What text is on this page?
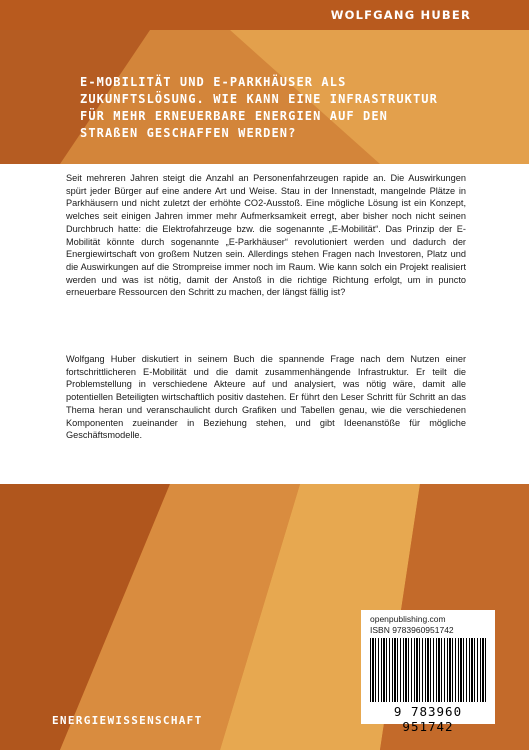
WOLFGANG HUBER
E-MOBILITÄT UND E-PARKHÄUSER ALS
ZUKUNFTSLÖSUNG. WIE KANN EINE INFRASTRUKTUR
FÜR MEHR ERNEUERBARE ENERGIEN AUF DEN
STRAßEN GESCHAFFEN WERDEN?

Seit mehreren Jahren steigt die Anzahl an Personenfahrzeugen rapide an. Die Auswirkungen spürt jeder Bürger auf eine andere Art und Weise. Stau in der Innenstadt, mangelnde Plätze in Parkhäusern und nicht zuletzt der erhöhte CO2-Ausstoß. Eine mögliche Lösung ist ein Konzept, welches seit einigen Jahren immer mehr Aufmerksamkeit erregt, aber bisher noch nicht seinen Durchbruch hatte: die Elektrofahrzeuge bzw. die sogenannte „E-Mobilität“. Das Prinzip der E-Mobilität könnte durch sogenannte „E-Parkhäuser“ revolutioniert werden und dadurch der Energiewirtschaft von großem Nutzen sein. Allerdings stehen Fragen nach Investoren, Platz und die Auswirkungen auf die Strompreise immer noch im Raum. Wie kann solch ein Projekt realisiert werden und was ist nötig, damit der Anstoß in die richtige Richtung erfolgt, um in puncto erneuerbare Ressourcen den Schritt zu machen, der längst fällig ist?

Wolfgang Huber diskutiert in seinem Buch die spannende Frage nach dem Nutzen einer fortschrittlicheren E-Mobilität und die damit zusammenhängende Infrastruktur. Er teilt die Problemstellung in verschiedene Akteure auf und analysiert, was nötig wäre, damit alle potentiellen Beteiligten wirtschaftlich positiv dastehen. Er führt den Leser Schritt für Schritt an das Thema heran und veranschaulicht durch Grafiken und Tabellen genau, wie die verschiedenen Komponenten zueinander in Beziehung stehen, und gibt Ideenanstöße für mögliche Geschäftsmodelle.

openpublishing.com
ISBN 9783960951742
9 783960 951742
ENERGIEWISSENSCHAFT
